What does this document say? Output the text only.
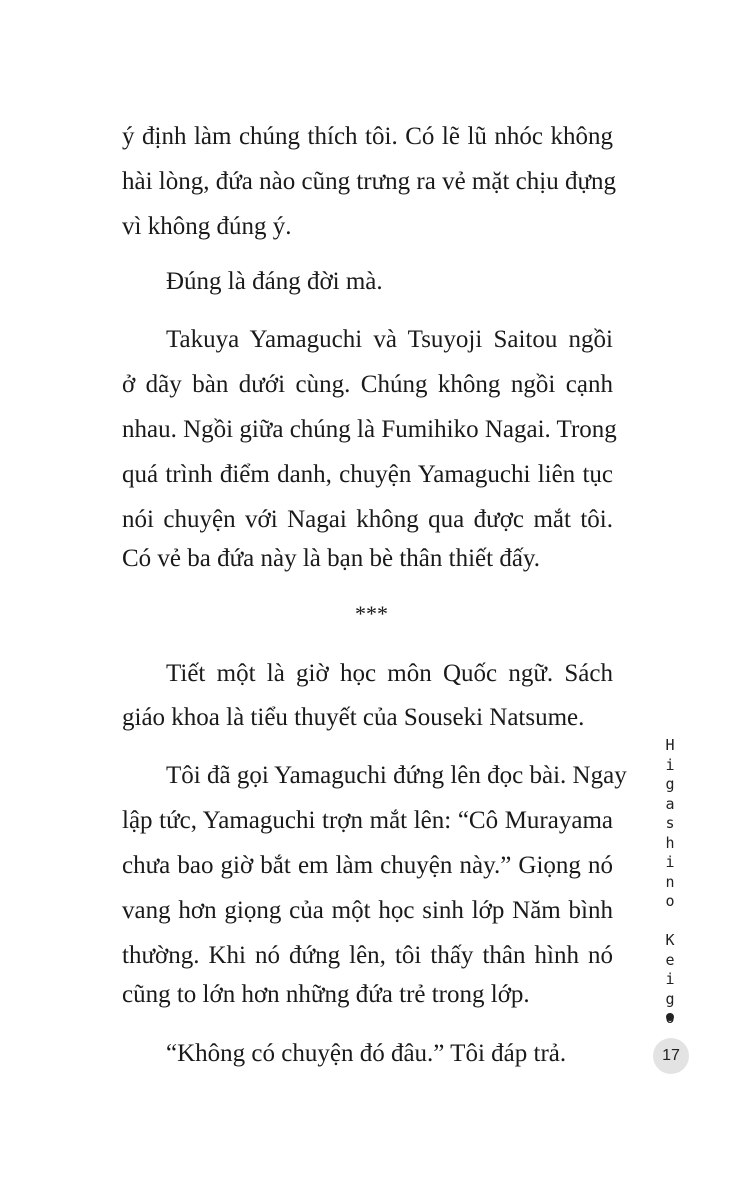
ý định làm chúng thích tôi. Có lẽ lũ nhóc không
hài lòng, đứa nào cũng trưng ra vẻ mặt chịu đựng
vì không đúng ý.
Đúng là đáng đời mà.
Takuya Yamaguchi và Tsuyoji Saitou ngồi
ở dãy bàn dưới cùng. Chúng không ngồi cạnh
nhau. Ngồi giữa chúng là Fumihiko Nagai. Trong
quá trình điểm danh, chuyện Yamaguchi liên tục
nói chuyện với Nagai không qua được mắt tôi.
Có vẻ ba đứa này là bạn bè thân thiết đấy.
***
Tiết một là giờ học môn Quốc ngữ. Sách
giáo khoa là tiểu thuyết của Souseki Natsume.
Tôi đã gọi Yamaguchi đứng lên đọc bài. Ngay
lập tức, Yamaguchi trợn mắt lên: “Cô Murayama
chưa bao giờ bắt em làm chuyện này.” Giọng nó
vang hơn giọng của một học sinh lớp Năm bình
thường. Khi nó đứng lên, tôi thấy thân hình nó
cũng to lớn hơn những đứa trẻ trong lớp.
“Không có chuyện đó đâu.” Tôi đáp trả.
H
i
g
a
s
h
i
n
o
K
e
i
g
17
